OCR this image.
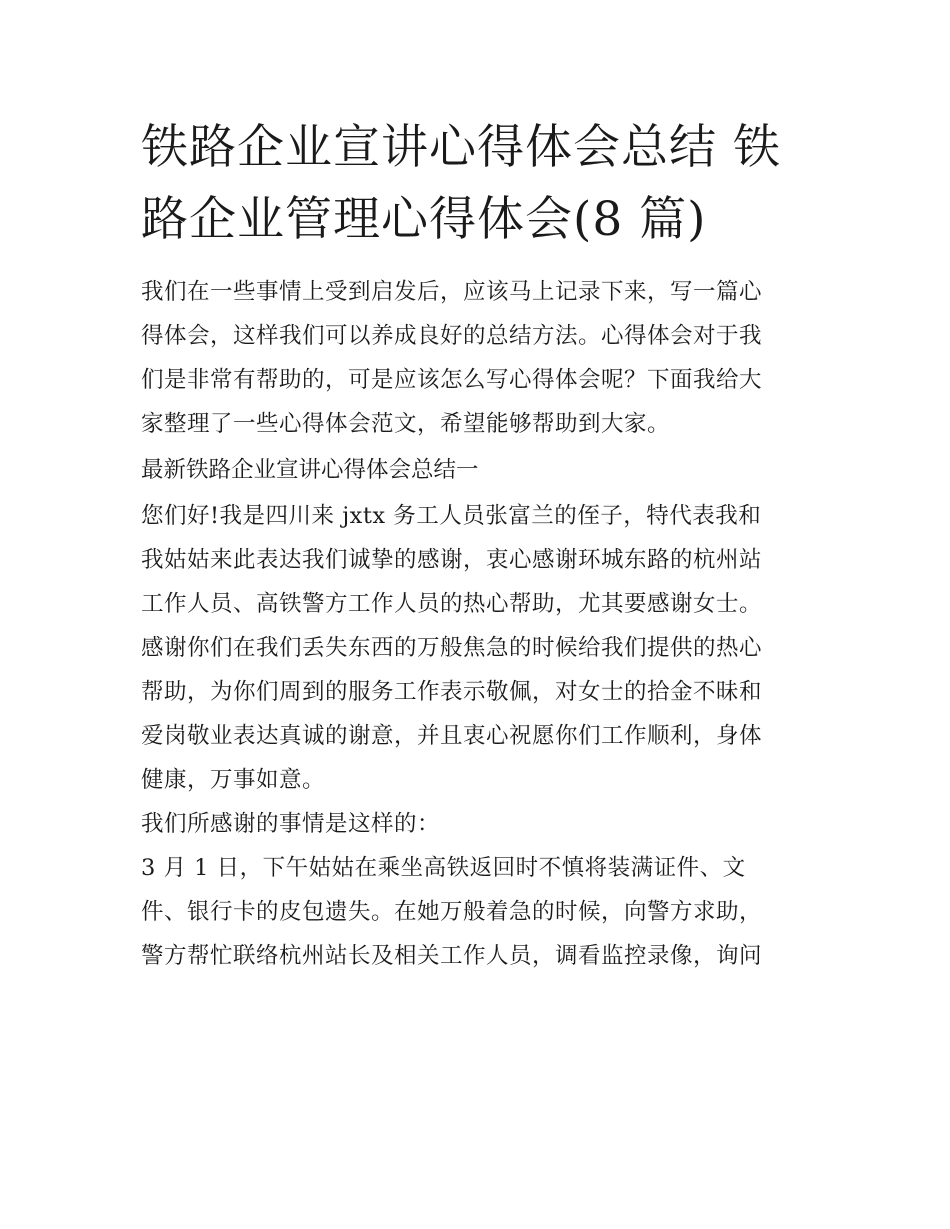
铁路企业宣讲心得体会总结 铁
路企业管理心得体会(8 篇)

我们在一些事情上受到启发后，应该马上记录下来，写一篇心
得体会，这样我们可以养成良好的总结方法。心得体会对于我
们是非常有帮助的，可是应该怎么写心得体会呢？下面我给大
家整理了一些心得体会范文，希望能够帮助到大家。

最新铁路企业宣讲心得体会总结一

您们好!我是四川来 jxtx 务工人员张富兰的侄子，特代表我和
我姑姑来此表达我们诚挚的感谢，衷心感谢环城东路的杭州站
工作人员、高铁警方工作人员的热心帮助，尤其要感谢女士。
感谢你们在我们丢失东西的万般焦急的时候给我们提供的热心
帮助，为你们周到的服务工作表示敬佩，对女士的拾金不昧和
爱岗敬业表达真诚的谢意，并且衷心祝愿你们工作顺利，身体
健康，万事如意。

我们所感谢的事情是这样的：

3 月 1 日，下午姑姑在乘坐高铁返回时不慎将装满证件、文
件、银行卡的皮包遗失。在她万般着急的时候，向警方求助，
警方帮忙联络杭州站长及相关工作人员，调看监控录像，询问
